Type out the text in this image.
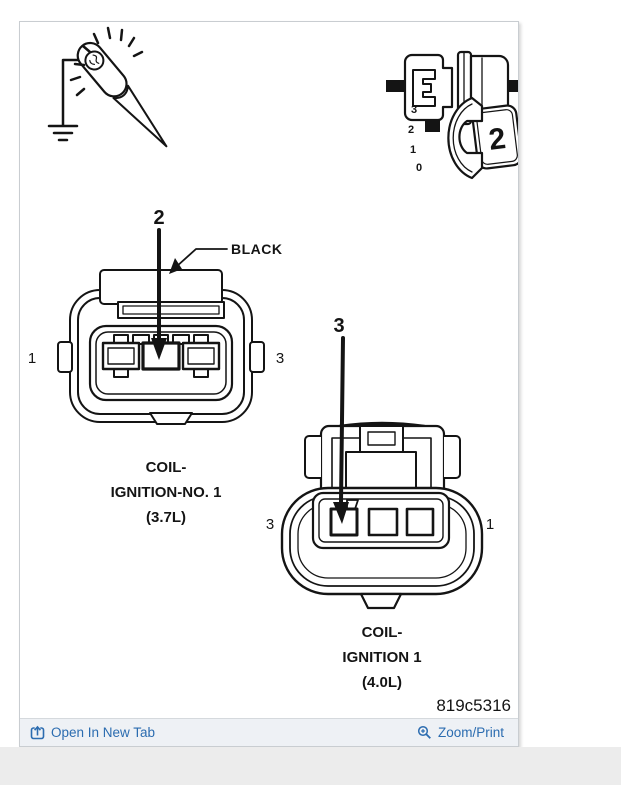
3
2
1
0
2
2
BLACK
1	3
COIL-
IGNITION-NO. 1
(3.7L)
3
3	1
COIL-
IGNITION 1
(4.0L)
819c5316
Open In New Tab	Zoom/Print
